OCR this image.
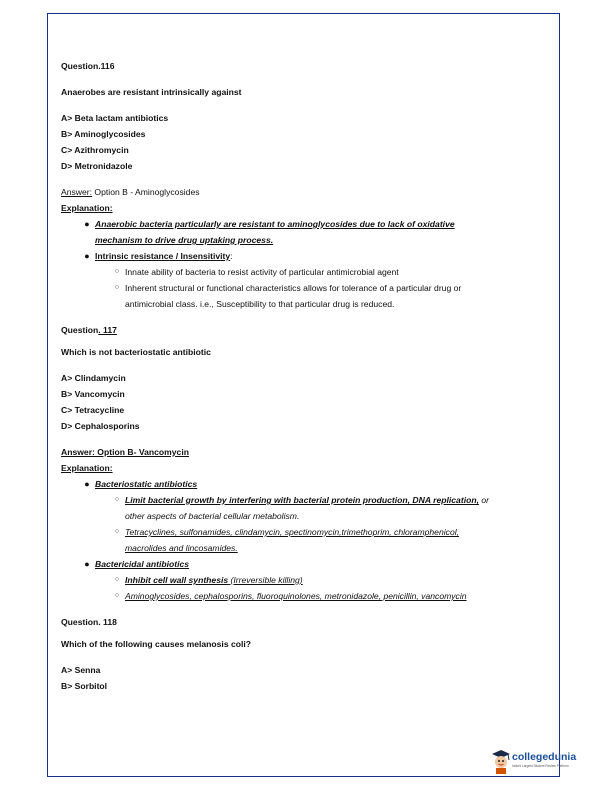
Question.116

Anaerobes are resistant intrinsically against

A> Beta lactam antibiotics
B> Aminoglycosides
C> Azithromycin
D> Metronidazole
Answer: Option B - Aminoglycosides
Explanation:
● Anaerobic bacteria particularly are resistant to aminoglycosides due to lack of oxidative
mechanism to drive drug uptaking process.
● Intrinsic resistance / Insensitivity:
○ Innate ability of bacteria to resist activity of particular antimicrobial agent
○ Inherent structural or functional characteristics allows for tolerance of a particular drug or
antimicrobial class. i.e., Susceptibility to that particular drug is reduced.

Question. 117

Which is not bacteriostatic antibiotic

A> Clindamycin
B> Vancomycin
C> Tetracycline
D> Cephalosporins
Answer: Option B- Vancomycin
Explanation:
● Bacteriostatic antibiotics
○ Limit bacterial growth by interfering with bacterial protein production, DNA replication, or
other aspects of bacterial cellular metabolism.
○ Tetracyclines, sulfonamides, clindamycin, spectinomycin,trimethoprim, chloramphenicol,
macrolides and lincosamides.
● Bactericidal antibiotics
○ Inhibit cell wall synthesis (Irreversible killing)
○ Aminoglycosides, cephalosporins, fluoroquinolones, metronidazole, penicillin, vancomycin

Question. 118

Which of the following causes melanosis coli?

A> Senna
B> Sorbitol
collegedunia
India's Largest Student Review Platform
